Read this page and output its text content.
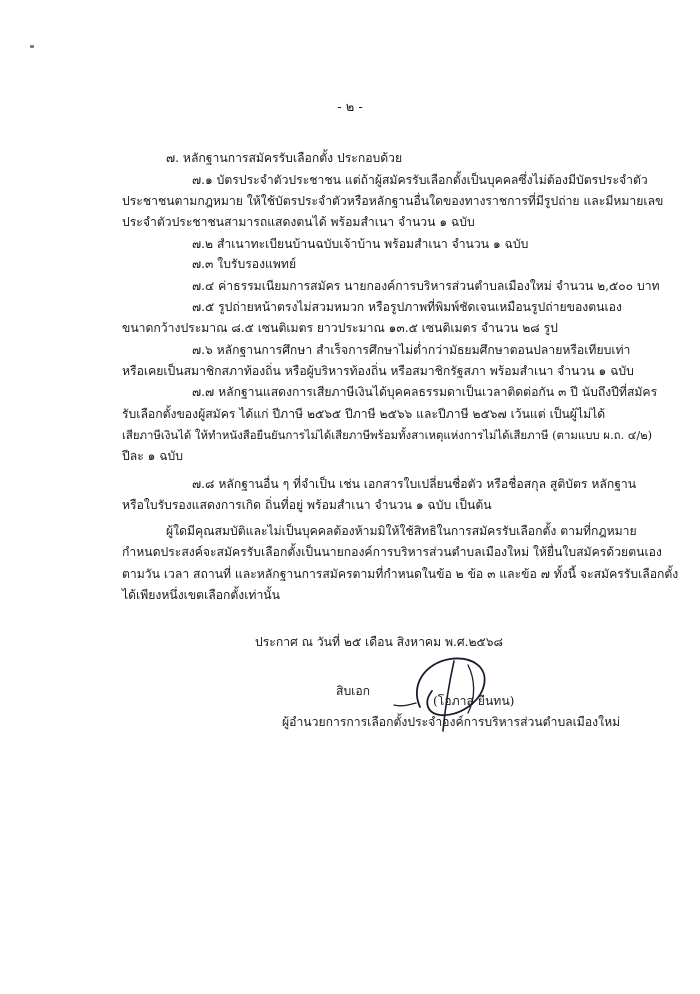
- ๒ -
๗. หลักฐานการสมัครรับเลือกตั้ง ประกอบด้วย
๗.๑ บัตรประจำตัวประชาชน แต่ถ้าผู้สมัครรับเลือกตั้งเป็นบุคคลซึ่งไม่ต้องมีบัตรประจำตัว
ประชาชนตามกฎหมาย ให้ใช้บัตรประจำตัวหรือหลักฐานอื่นใดของทางราชการที่มีรูปถ่าย และมีหมายเลข
ประจำตัวประชาชนสามารถแสดงตนได้ พร้อมสำเนา จำนวน ๑ ฉบับ
๗.๒ สำเนาทะเบียนบ้านฉบับเจ้าบ้าน พร้อมสำเนา จำนวน ๑ ฉบับ
๗.๓ ใบรับรองแพทย์
๗.๔ ค่าธรรมเนียมการสมัคร นายกองค์การบริหารส่วนตำบลเมืองใหม่ จำนวน ๒,๕๐๐ บาท
๗.๕ รูปถ่ายหน้าตรงไม่สวมหมวก หรือรูปภาพที่พิมพ์ชัดเจนเหมือนรูปถ่ายของตนเอง
ขนาดกว้างประมาณ ๘.๕ เซนติเมตร ยาวประมาณ ๑๓.๕ เซนติเมตร จำนวน ๒๘ รูป
๗.๖ หลักฐานการศึกษา สำเร็จการศึกษาไม่ต่ำกว่ามัธยมศึกษาตอนปลายหรือเทียบเท่า
หรือเคยเป็นสมาชิกสภาท้องถิ่น หรือผู้บริหารท้องถิ่น หรือสมาชิกรัฐสภา พร้อมสำเนา จำนวน ๑ ฉบับ
๗.๗ หลักฐานแสดงการเสียภาษีเงินได้บุคคลธรรมดาเป็นเวลาติดต่อกัน ๓ ปี นับถึงปีที่สมัคร
รับเลือกตั้งของผู้สมัคร ได้แก่ ปีภาษี ๒๕๖๕ ปีภาษี ๒๕๖๖ และปีภาษี ๒๕๖๗ เว้นแต่ เป็นผู้ไม่ได้
เสียภาษีเงินได้ ให้ทำหนังสือยืนยันการไม่ได้เสียภาษีพร้อมทั้งสาเหตุแห่งการไม่ได้เสียภาษี (ตามแบบ ผ.ถ. ๔/๒)
ปีละ ๑ ฉบับ
๗.๘ หลักฐานอื่น ๆ ที่จำเป็น เช่น เอกสารใบเปลี่ยนชื่อตัว หรือชื่อสกุล สูติบัตร หลักฐาน
หรือใบรับรองแสดงการเกิด ถิ่นที่อยู่ พร้อมสำเนา จำนวน ๑ ฉบับ เป็นต้น
ผู้ใดมีคุณสมบัติและไม่เป็นบุคคลต้องห้ามมิให้ใช้สิทธิในการสมัครรับเลือกตั้ง ตามที่กฎหมาย
กำหนดประสงค์จะสมัครรับเลือกตั้งเป็นนายกองค์การบริหารส่วนตำบลเมืองใหม่ ให้ยื่นใบสมัครด้วยตนเอง
ตามวัน เวลา สถานที่ และหลักฐานการสมัครตามที่กำหนดในข้อ ๒ ข้อ ๓ และข้อ ๗ ทั้งนี้ จะสมัครรับเลือกตั้ง
ได้เพียงหนึ่งเขตเลือกตั้งเท่านั้น
ประกาศ ณ วันที่ ๒๕ เดือน สิงหาคม พ.ศ.๒๕๖๘
สิบเอก
(โอภาส ยืนทน)
ผู้อำนวยการการเลือกตั้งประจำองค์การบริหารส่วนตำบลเมืองใหม่
